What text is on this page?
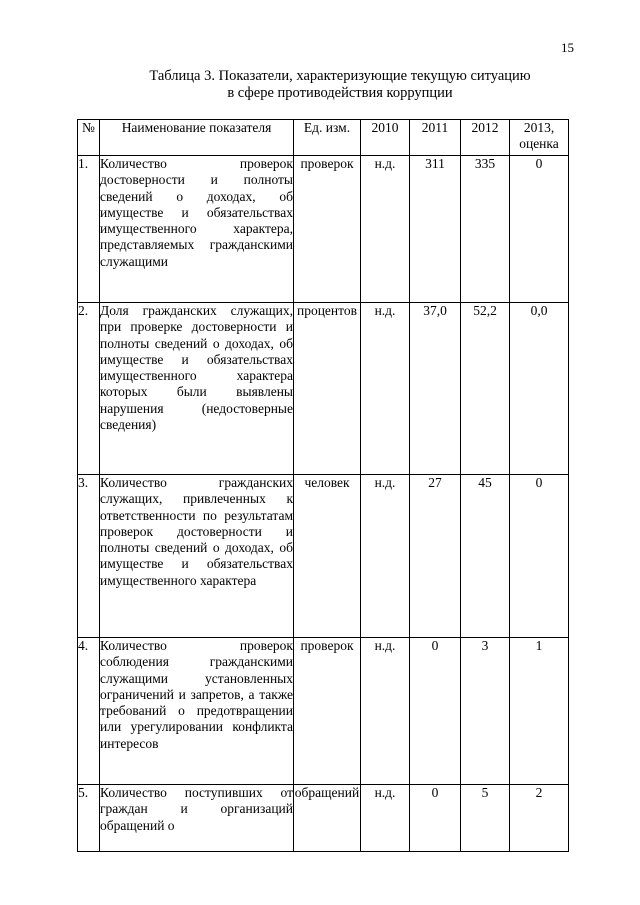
15
Таблица 3. Показатели, характеризующие текущую ситуацию
в сфере противодействия коррупции
№	Наименование показателя	Ед. изм.	2010	2011	2012	2013, оценка
1.	Количество проверок достоверности и полноты сведений о доходах, об имуществе и обязательствах имущественного характера, представляемых гражданскими служащими	проверок	н.д.	311	335	0
2.	Доля гражданских служащих, при проверке достоверности и полноты сведений о доходах, об имуществе и обязательствах имущественного характера которых были выявлены нарушения (недостоверные сведения)	процентов	н.д.	37,0	52,2	0,0
3.	Количество гражданских служащих, привлеченных к ответственности по результатам проверок достоверности и полноты сведений о доходах, об имуществе и обязательствах имущественного характера	человек	н.д.	27	45	0
4.	Количество проверок соблюдения гражданскими служащими установленных ограничений и запретов, а также требований о предотвращении или урегулировании конфликта интересов	проверок	н.д.	0	3	1
5.	Количество поступивших от граждан и организаций обращений о	обращений	н.д.	0	5	2
